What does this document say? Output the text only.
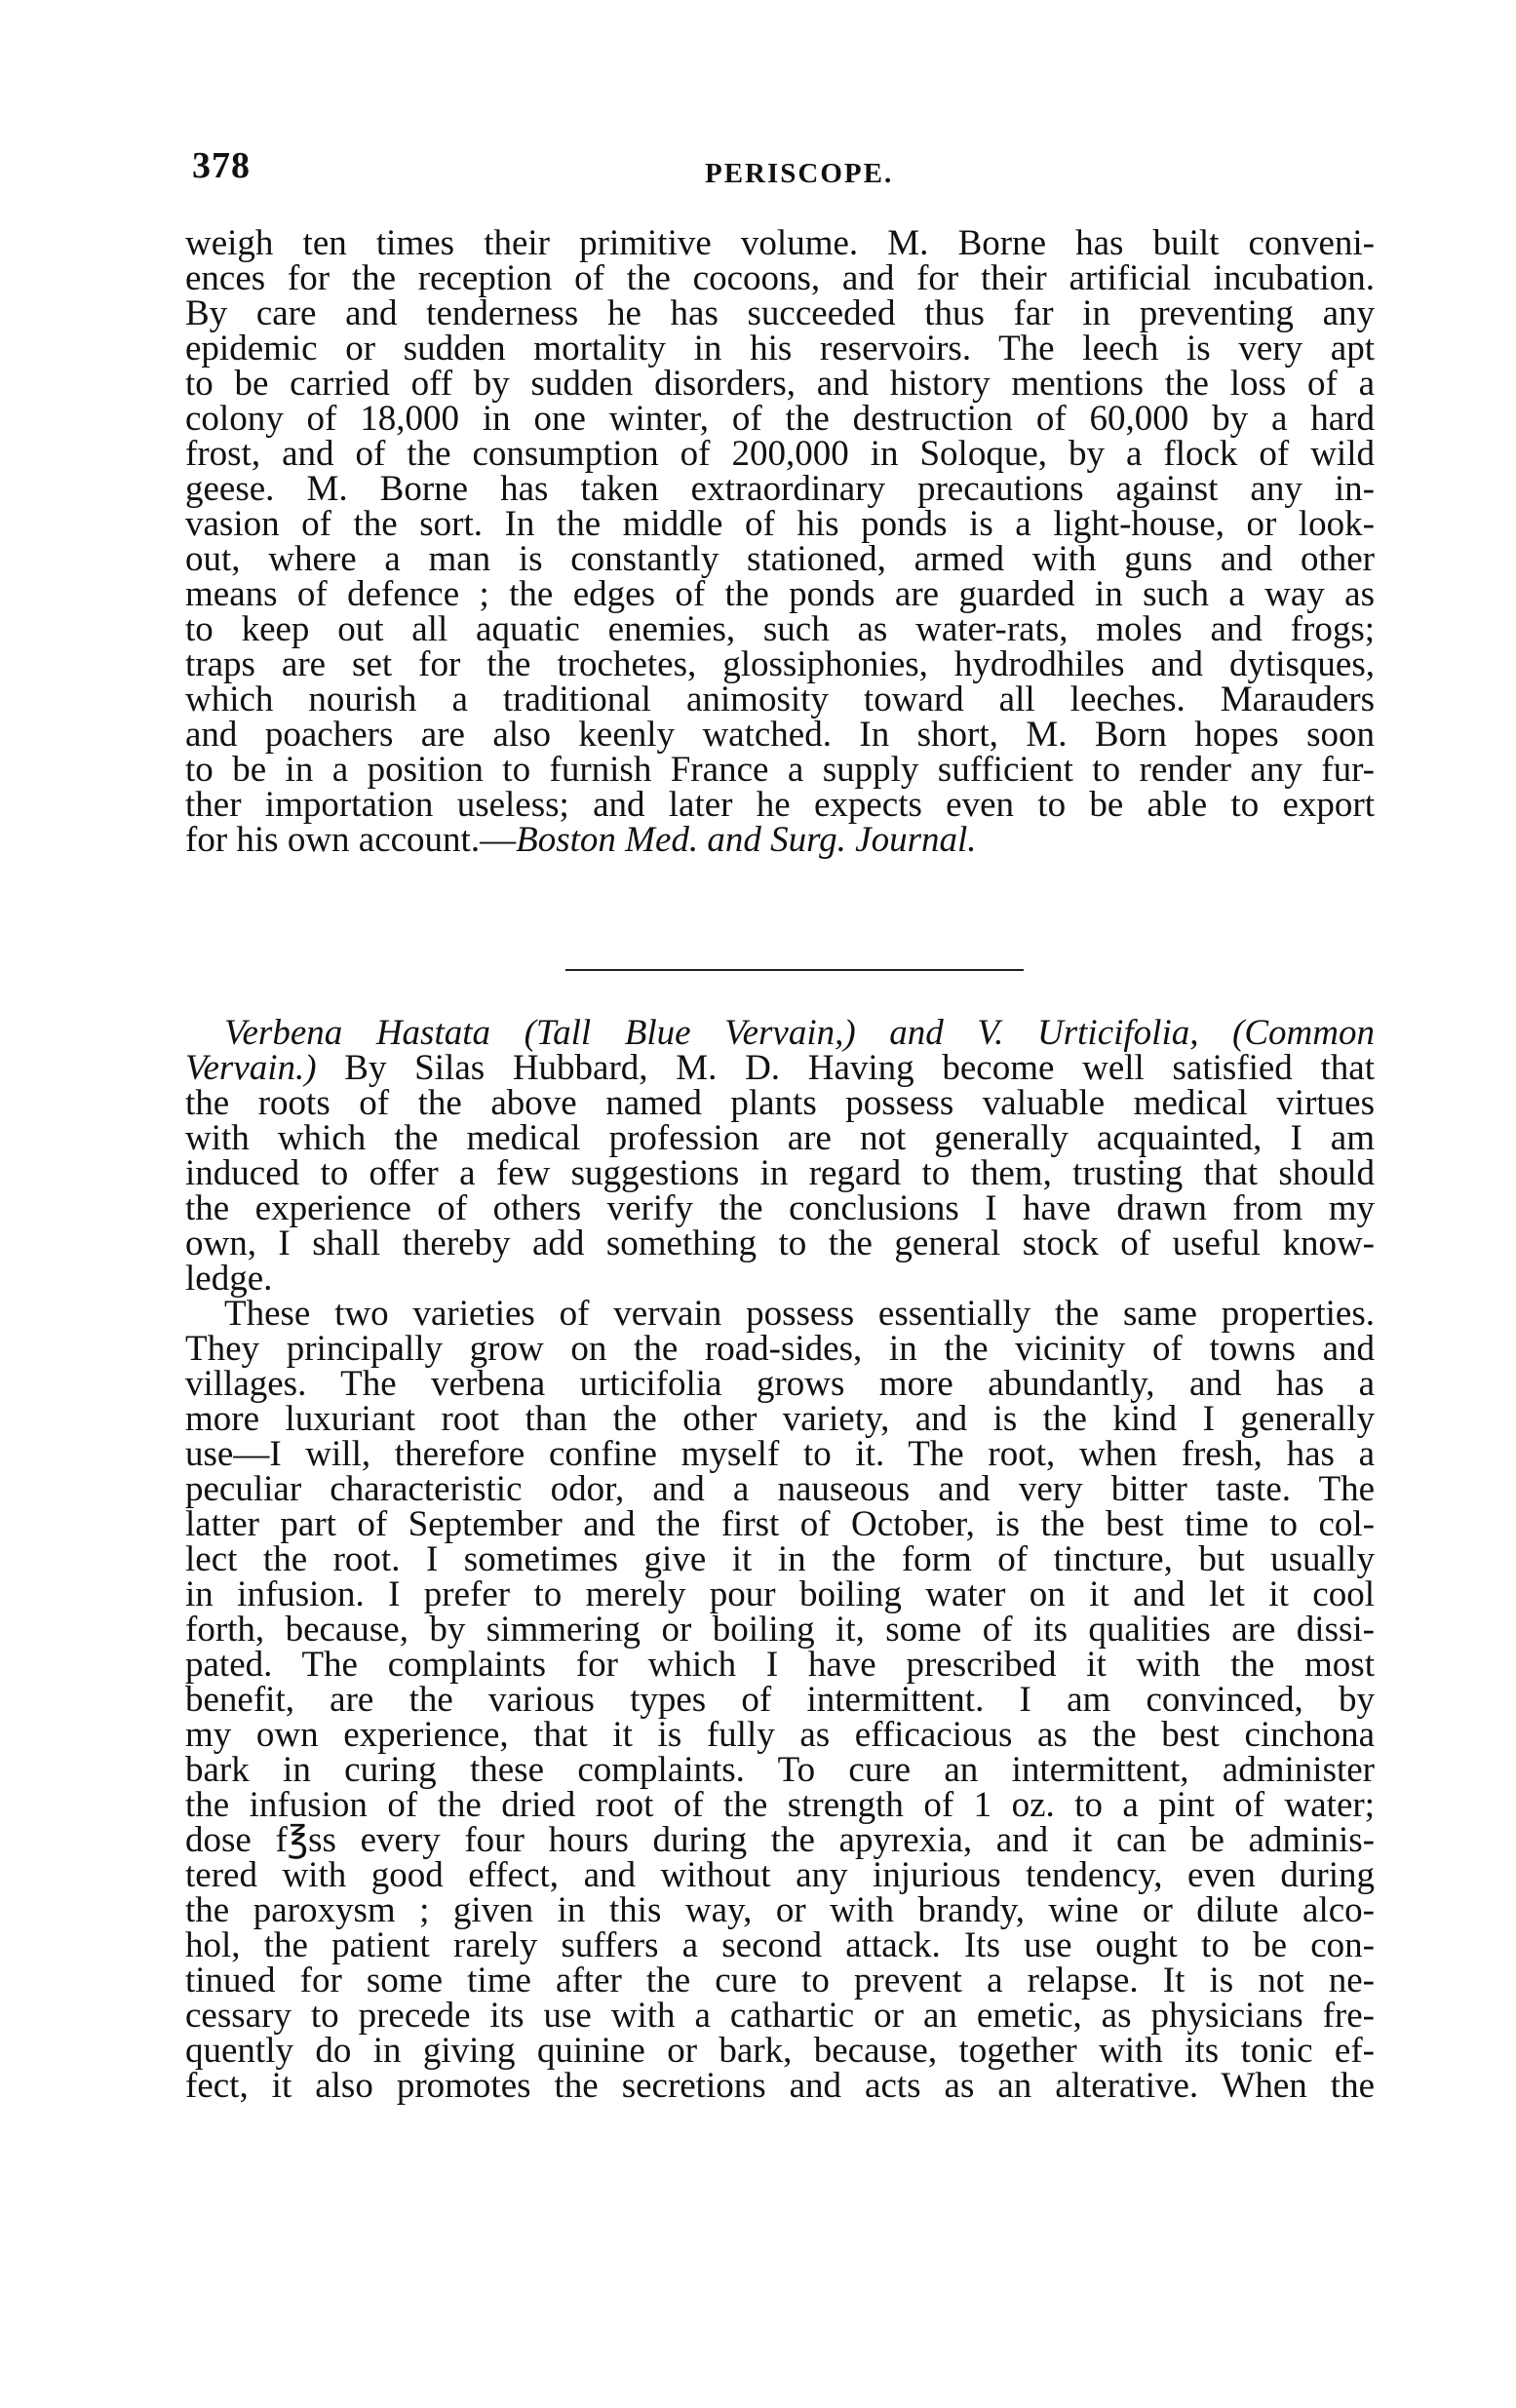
378	PERISCOPE.
weigh ten times their primitive volume. M. Borne has built conveni-
ences for the reception of the cocoons, and for their artificial incubation.
By care and tenderness he has succeeded thus far in preventing any
epidemic or sudden mortality in his reservoirs. The leech is very apt
to be carried off by sudden disorders, and history mentions the loss of a
colony of 18,000 in one winter, of the destruction of 60,000 by a hard
frost, and of the consumption of 200,000 in Soloque, by a flock of wild
geese. M. Borne has taken extraordinary precautions against any in-
vasion of the sort. In the middle of his ponds is a light-house, or look-
out, where a man is constantly stationed, armed with guns and other
means of defence ; the edges of the ponds are guarded in such a way as
to keep out all aquatic enemies, such as water-rats, moles and frogs;
traps are set for the trochetes, glossiphonies, hydrodhiles and dytisques,
which nourish a traditional animosity toward all leeches. Marauders
and poachers are also keenly watched. In short, M. Born hopes soon
to be in a position to furnish France a supply sufficient to render any fur-
ther importation useless; and later he expects even to be able to export
for his own account.—Boston Med. and Surg. Journal.
Verbena Hastata (Tall Blue Vervain,) and V. Urticifolia, (Common
Vervain.) By Silas Hubbard, M. D. Having become well satisfied that
the roots of the above named plants possess valuable medical virtues
with which the medical profession are not generally acquainted, I am
induced to offer a few suggestions in regard to them, trusting that should
the experience of others verify the conclusions I have drawn from my
own, I shall thereby add something to the general stock of useful know-
ledge.
These two varieties of vervain possess essentially the same properties.
They principally grow on the road-sides, in the vicinity of towns and
villages. The verbena urticifolia grows more abundantly, and has a
more luxuriant root than the other variety, and is the kind I generally
use—I will, therefore confine myself to it. The root, when fresh, has a
peculiar characteristic odor, and a nauseous and very bitter taste. The
latter part of September and the first of October, is the best time to col-
lect the root. I sometimes give it in the form of tincture, but usually
in infusion. I prefer to merely pour boiling water on it and let it cool
forth, because, by simmering or boiling it, some of its qualities are dissi-
pated. The complaints for which I have prescribed it with the most
benefit, are the various types of intermittent. I am convinced, by
my own experience, that it is fully as efficacious as the best cinchona
bark in curing these complaints. To cure an intermittent, administer
the infusion of the dried root of the strength of 1 oz. to a pint of water;
dose f℥ss every four hours during the apyrexia, and it can be adminis-
tered with good effect, and without any injurious tendency, even during
the paroxysm ; given in this way, or with brandy, wine or dilute alco-
hol, the patient rarely suffers a second attack. Its use ought to be con-
tinued for some time after the cure to prevent a relapse. It is not ne-
cessary to precede its use with a cathartic or an emetic, as physicians fre-
quently do in giving quinine or bark, because, together with its tonic ef-
fect, it also promotes the secretions and acts as an alterative. When the
